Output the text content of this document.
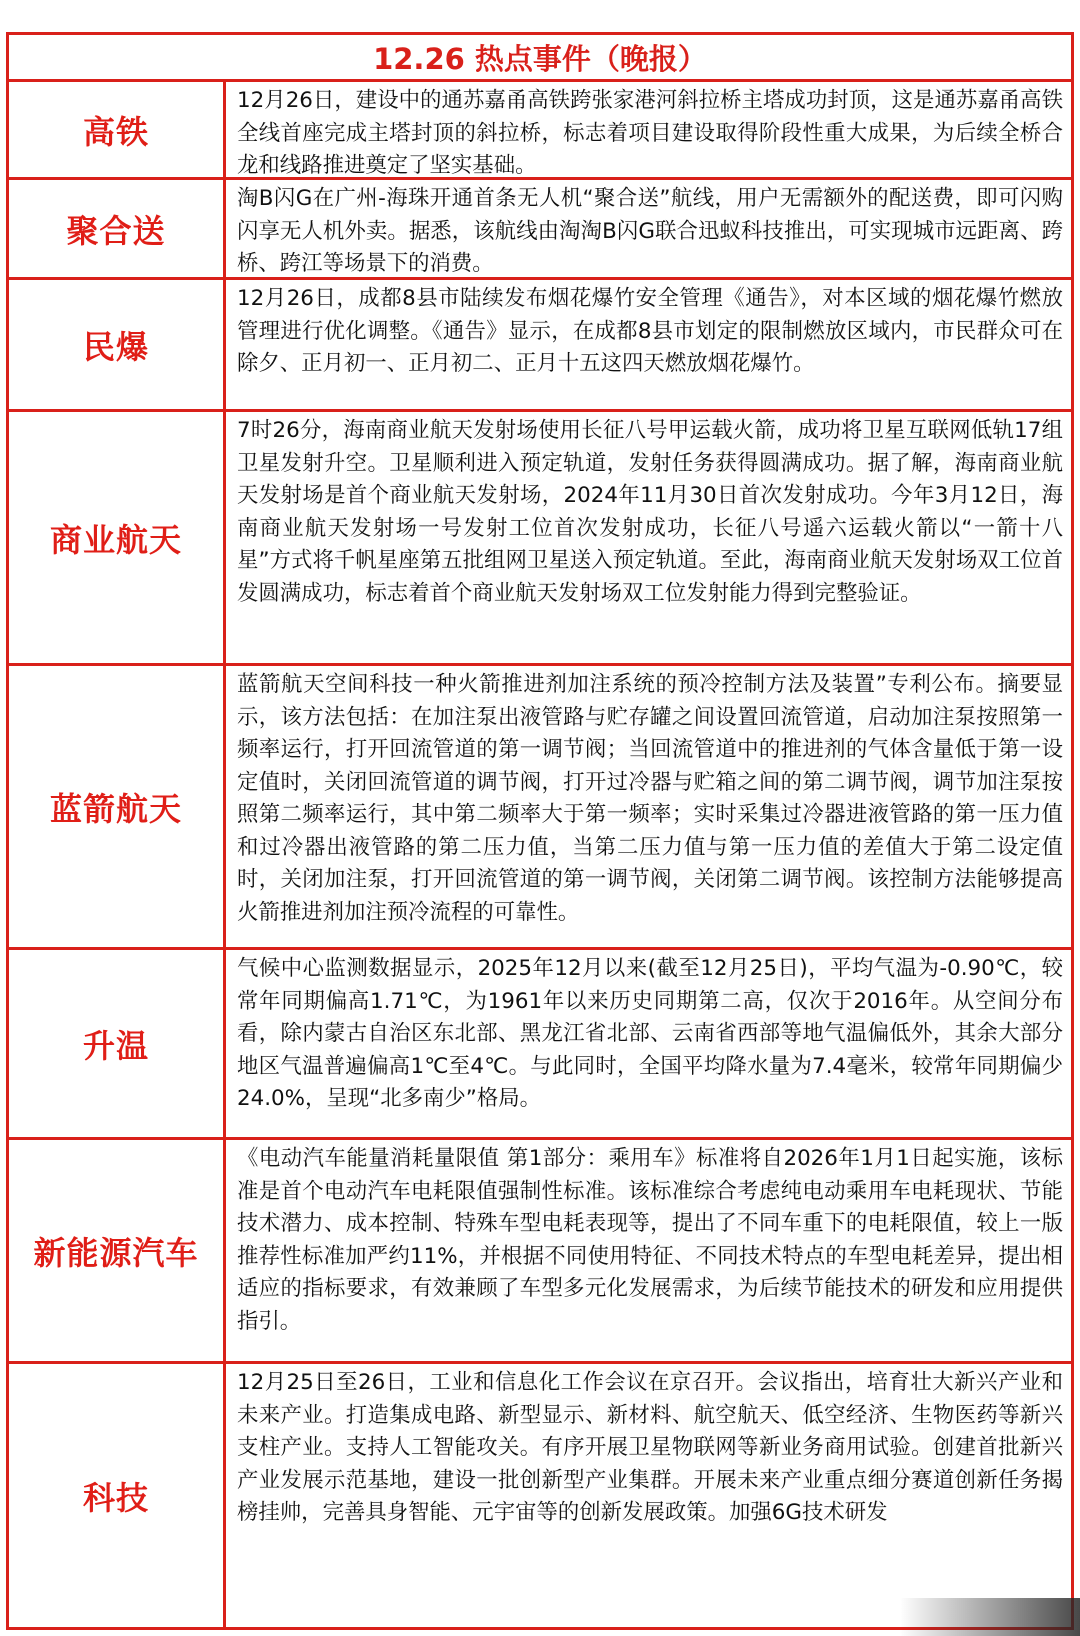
12.26 热点事件（晚报）
高铁
12月26日，建设中的通苏嘉甬高铁跨张家港河斜拉桥主塔成功封顶，这是通苏嘉甬高铁全线首座完成主塔封顶的斜拉桥，标志着项目建设取得阶段性重大成果，为后续全桥合龙和线路推进奠定了坚实基础。
聚合送
淘B闪G在广州-海珠开通首条无人机“聚合送”航线，用户无需额外的配送费，即可闪购闪享无人机外卖。据悉，该航线由淘淘B闪G联合迅蚁科技推出，可实现城市远距离、跨桥、跨江等场景下的消费。
民爆
12月26日，成都8县市陆续发布烟花爆竹安全管理《通告》，对本区域的烟花爆竹燃放管理进行优化调整。《通告》显示，在成都8县市划定的限制燃放区域内，市民群众可在除夕、正月初一、正月初二、正月十五这四天燃放烟花爆竹。
商业航天
7时26分，海南商业航天发射场使用长征八号甲运载火箭，成功将卫星互联网低轨17组卫星发射升空。卫星顺利进入预定轨道，发射任务获得圆满成功。据了解，海南商业航天发射场是首个商业航天发射场，2024年11月30日首次发射成功。今年3月12日，海南商业航天发射场一号发射工位首次发射成功，长征八号遥六运载火箭以“一箭十八星”方式将千帆星座第五批组网卫星送入预定轨道。至此，海南商业航天发射场双工位首发圆满成功，标志着首个商业航天发射场双工位发射能力得到完整验证。
蓝箭航天
蓝箭航天空间科技一种火箭推进剂加注系统的预冷控制方法及装置”专利公布。摘要显示，该方法包括：在加注泵出液管路与贮存罐之间设置回流管道，启动加注泵按照第一频率运行，打开回流管道的第一调节阀；当回流管道中的推进剂的气体含量低于第一设定值时，关闭回流管道的调节阀，打开过冷器与贮箱之间的第二调节阀，调节加注泵按照第二频率运行，其中第二频率大于第一频率；实时采集过冷器进液管路的第一压力值和过冷器出液管路的第二压力值，当第二压力值与第一压力值的差值大于第二设定值时，关闭加注泵，打开回流管道的第一调节阀，关闭第二调节阀。该控制方法能够提高火箭推进剂加注预冷流程的可靠性。
升温
气候中心监测数据显示，2025年12月以来(截至12月25日)，平均气温为-0.90℃，较常年同期偏高1.71℃，为1961年以来历史同期第二高，仅次于2016年。从空间分布看，除内蒙古自治区东北部、黑龙江省北部、云南省西部等地气温偏低外，其余大部分地区气温普遍偏高1℃至4℃。与此同时，全国平均降水量为7.4毫米，较常年同期偏少24.0%，呈现“北多南少”格局。
新能源汽车
《电动汽车能量消耗量限值 第1部分：乘用车》标准将自2026年1月1日起实施，该标准是首个电动汽车电耗限值强制性标准。该标准综合考虑纯电动乘用车电耗现状、节能技术潜力、成本控制、特殊车型电耗表现等，提出了不同车重下的电耗限值，较上一版推荐性标准加严约11%，并根据不同使用特征、不同技术特点的车型电耗差异，提出相适应的指标要求，有效兼顾了车型多元化发展需求，为后续节能技术的研发和应用提供指引。
科技
12月25日至26日，工业和信息化工作会议在京召开。会议指出，培育壮大新兴产业和未来产业。打造集成电路、新型显示、新材料、航空航天、低空经济、生物医药等新兴支柱产业。支持人工智能攻关。有序开展卫星物联网等新业务商用试验。创建首批新兴产业发展示范基地，建设一批创新型产业集群。开展未来产业重点细分赛道创新任务揭榜挂帅，完善具身智能、元宇宙等的创新发展政策。加强6G技术研发
